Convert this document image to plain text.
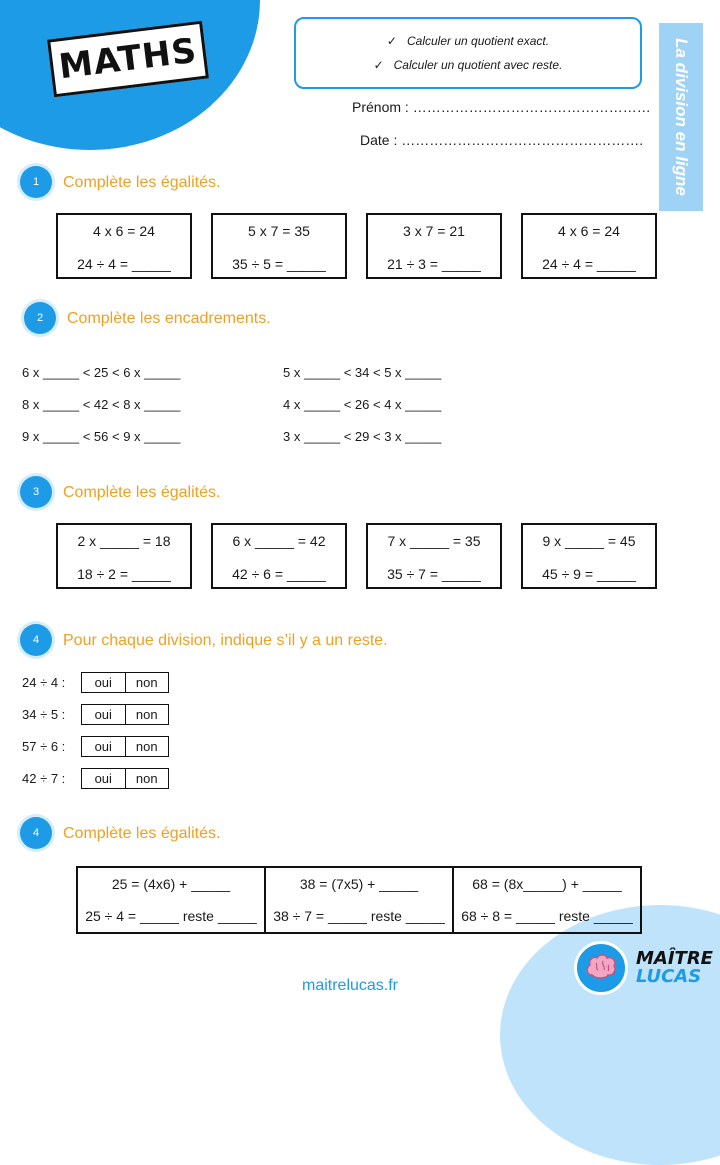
MATHS	✓ Calculer un quotient exact.
✓ Calculer un quotient avec reste.	La division en ligne
Prénom : ……………………………………………
Date : …………………………………………….
1	Complète les égalités.
4 x 6 = 24
24 ÷ 4 = _____
5 x 7 = 35
35 ÷ 5 = _____
3 x 7 = 21
21 ÷ 3 = _____
4 x 6 = 24
24 ÷ 4 = _____
2	Complète les encadrements.
6 x _____ < 25 < 6 x _____
8 x _____ < 42 < 8 x _____
9 x _____ < 56 < 9 x _____
5 x _____ < 34 < 5 x _____
4 x _____ < 26 < 4 x _____
3 x _____ < 29 < 3 x _____
3	Complète les égalités.
2 x _____ = 18
18 ÷ 2 = _____
6 x _____ = 42
42 ÷ 6 = _____
7 x _____ = 35
35 ÷ 7 = _____
9 x _____ = 45
45 ÷ 9 = _____
4	Pour chaque division, indique s’il y a un reste.
24 ÷ 4 :	oui	non
34 ÷ 5 :	oui	non
57 ÷ 6 :	oui	non
42 ÷ 7 :	oui	non
4	Complète les égalités.
25 = (4x6) + _____
25 ÷ 4 = _____ reste _____
38 = (7x5) + _____
38 ÷ 7 = _____ reste _____
68 = (8x_____) + _____
68 ÷ 8 = _____ reste _____
MAÎTRE
LUCAS
maitrelucas.fr
